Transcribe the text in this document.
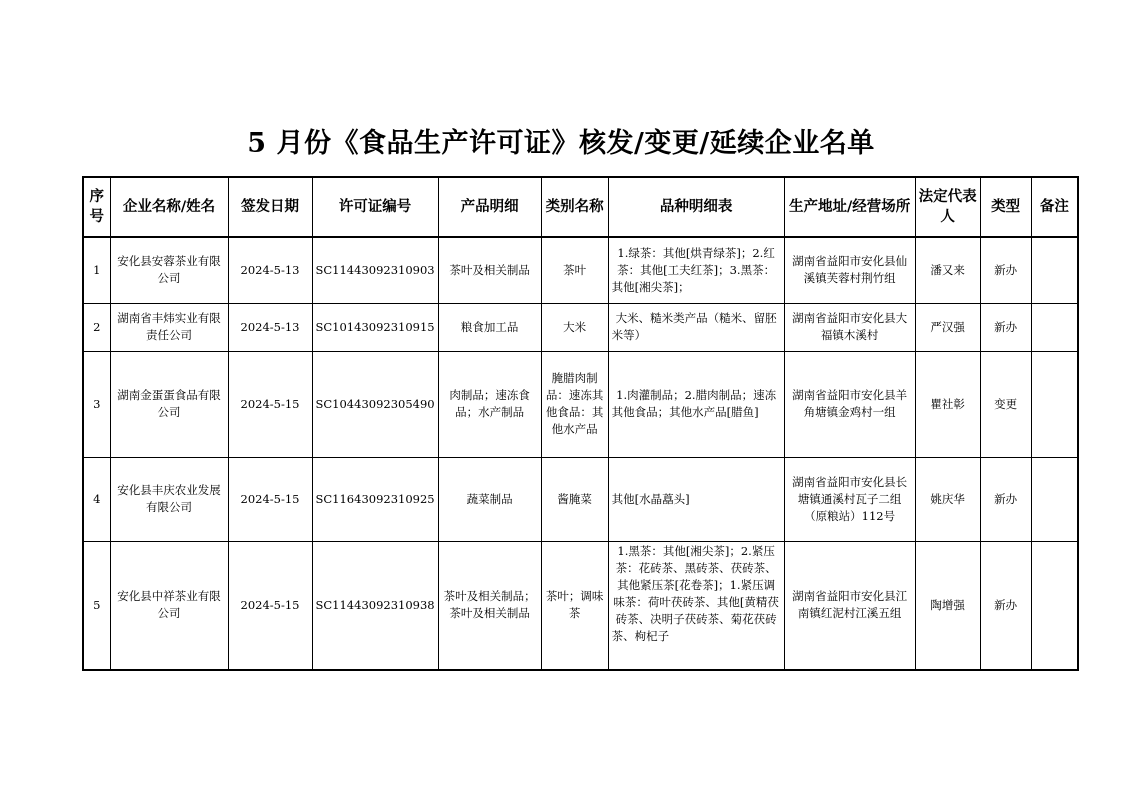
5 月份《食品生产许可证》核发/变更/延续企业名单
序号	企业名称/姓名	签发日期	许可证编号	产品明细	类别名称	品种明细表	生产地址/经营场所	法定代表人	类型	备注
1	安化县安蓉茶业有限公司	2024-5-13	SC11443092310903	茶叶及相关制品	茶叶	1.绿茶：其他[烘青绿茶]；2.红茶：其他[工夫红茶]；3.黑茶：其他[湘尖茶]；	湖南省益阳市安化县仙溪镇芙蓉村荆竹组	潘又来	新办	
2	湖南省丰炜实业有限责任公司	2024-5-13	SC10143092310915	粮食加工品	大米	大米、糙米类产品（糙米、留胚米等）	湖南省益阳市安化县大福镇木溪村	严汉强	新办	
3	湖南金蛋蛋食品有限公司	2024-5-15	SC10443092305490	肉制品；速冻食品；水产制品	腌腊肉制品：速冻其他食品：其他水产品	1.肉灌制品；2.腊肉制品；速冻其他食品；其他水产品[腊鱼]	湖南省益阳市安化县羊角塘镇金鸡村一组	瞿社彰	变更	
4	安化县丰庆农业发展有限公司	2024-5-15	SC11643092310925	蔬菜制品	酱腌菜	其他[水晶藠头]	湖南省益阳市安化县长塘镇通溪村瓦子二组（原粮站）112号	姚庆华	新办	
5	安化县中祥茶业有限公司	2024-5-15	SC11443092310938	茶叶及相关制品；茶叶及相关制品	茶叶；调味茶	1.黑茶：其他[湘尖茶]；2.紧压茶：花砖茶、黑砖茶、茯砖茶、其他紧压茶[花卷茶]；1.紧压调味茶：荷叶茯砖茶、其他[黄精茯砖茶、决明子茯砖茶、菊花茯砖茶、枸杞子	湖南省益阳市安化县江南镇红泥村江溪五组	陶增强	新办	
